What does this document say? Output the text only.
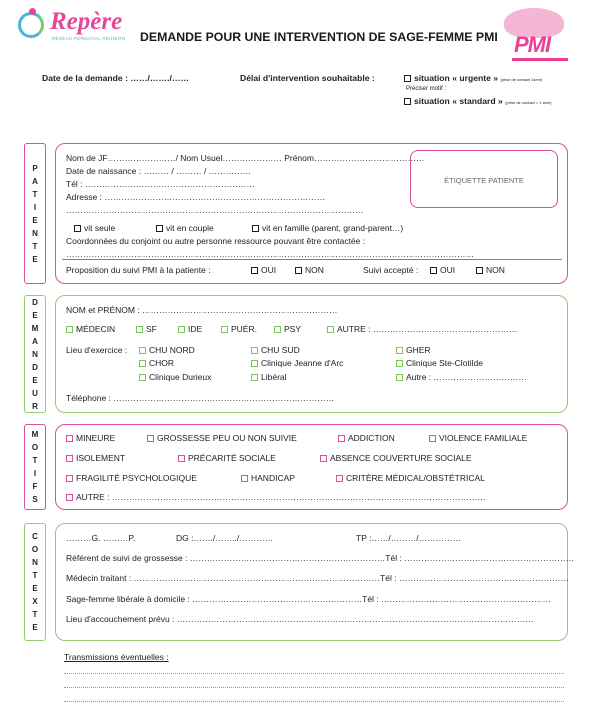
Repère
RÉSEAU PÉRINATAL RÉUNION DEMANDE POUR UNE INTERVENTION DE SAGE-FEMME PMI PMI
Date de la demande : ……/……./……	Délai d'intervention souhaitable :	situation « urgente » (prise de contact 1sem)
Préciser motif :
situation « standard » (prise de contact > 1 sem)
P
A
T
I
E
N
T
E
Nom de JF……………………/ Nom Usuel………………… Prénom…………………………………
Date de naissance : ……… / ……… / ……………
Tél : ……………………………………………………
Adresse : ……………………………………………………………………
……………………………………………………………………………………………
ÉTIQUETTE PATIENTE
vit seule	vit en couple	vit en famille (parent, grand-parent…)
Coordonnées du conjoint ou autre personne ressource pouvant être contactée :
………………………………………………………………………………………………………………………………
Proposition du suivi PMI à la patiente :	OUI	NON	Suivi accepté :	OUI	NON
D
E
M
A
N
D
E
U
R
NOM et PRÉNOM : ……………………………………………………………
MÉDECIN	SF	IDE	PUÉR.	PSY	AUTRE : ……………………………………………
Lieu d'exercice :	CHU NORD	CHU SUD	GHER
CHOR	Clinique Jeanne d'Arc	Clinique Ste-Clotilde
Clinique Durieux	Libéral	Autre : ……………………………
Téléphone : ……………………………………………………………………
M
O
T
I
F
S
MINEURE	GROSSESSE PEU OU NON SUIVIE	ADDICTION	VIOLENCE FAMILIALE
ISOLEMENT	PRÉCARITÉ SOCIALE	ABSENCE COUVERTURE SOCIALE
FRAGILITÉ PSYCHOLOGIQUE	HANDICAP	CRITÈRE MÉDICAL/OBSTÉTRICAL
AUTRE : ……………………………………………………………………………………………………………………
C
O
N
T
E
X
T
E
………G. ………P.	DG :……./……../…………	TP :……/………/……………
Référent de suivi de grossesse : ……………………………………………………………Tél : ……………………………………………………
Médecin traitant : ……………………………………………………………………………Tél : ……………………………………………………
Sage-femme libérale à domicile : ……………………………………………………Tél : ……………………………………………………
Lieu d'accouchement prévu : ………………………………………………………………………………………………………………
Transmissions éventuelles :
